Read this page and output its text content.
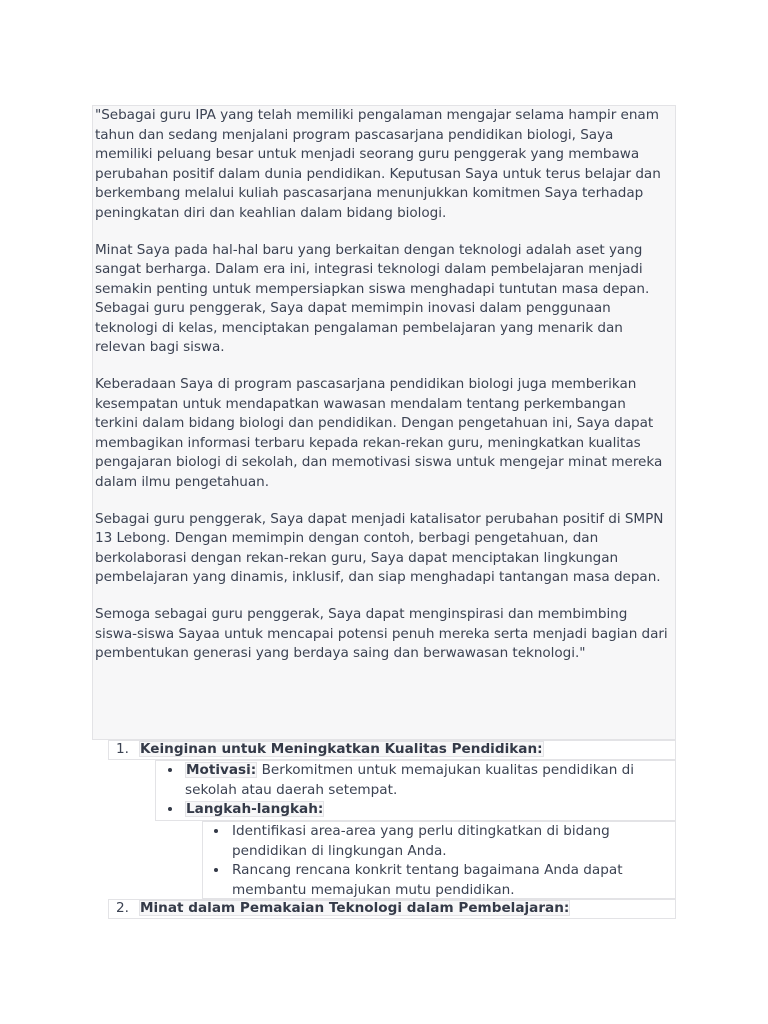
"Sebagai guru IPA yang telah memiliki pengalaman mengajar selama hampir enam tahun dan sedang menjalani program pascasarjana pendidikan biologi, Saya memiliki peluang besar untuk menjadi seorang guru penggerak yang membawa perubahan positif dalam dunia pendidikan. Keputusan Saya untuk terus belajar dan berkembang melalui kuliah pascasarjana menunjukkan komitmen Saya terhadap peningkatan diri dan keahlian dalam bidang biologi.

Minat Saya pada hal-hal baru yang berkaitan dengan teknologi adalah aset yang sangat berharga. Dalam era ini, integrasi teknologi dalam pembelajaran menjadi semakin penting untuk mempersiapkan siswa menghadapi tuntutan masa depan. Sebagai guru penggerak, Saya dapat memimpin inovasi dalam penggunaan teknologi di kelas, menciptakan pengalaman pembelajaran yang menarik dan relevan bagi siswa.

Keberadaan Saya di program pascasarjana pendidikan biologi juga memberikan kesempatan untuk mendapatkan wawasan mendalam tentang perkembangan terkini dalam bidang biologi dan pendidikan. Dengan pengetahuan ini, Saya dapat membagikan informasi terbaru kepada rekan-rekan guru, meningkatkan kualitas pengajaran biologi di sekolah, dan memotivasi siswa untuk mengejar minat mereka dalam ilmu pengetahuan.

Sebagai guru penggerak, Saya dapat menjadi katalisator perubahan positif di SMPN 13 Lebong. Dengan memimpin dengan contoh, berbagi pengetahuan, dan berkolaborasi dengan rekan-rekan guru, Saya dapat menciptakan lingkungan pembelajaran yang dinamis, inklusif, dan siap menghadapi tantangan masa depan.

Semoga sebagai guru penggerak, Saya dapat menginspirasi dan membimbing siswa-siswa Sayaa untuk mencapai potensi penuh mereka serta menjadi bagian dari pembentukan generasi yang berdaya saing dan berwawasan teknologi."

1. Keinginan untuk Meningkatkan Kualitas Pendidikan:
Motivasi: Berkomitmen untuk memajukan kualitas pendidikan di sekolah atau daerah setempat.
Langkah-langkah:
Identifikasi area-area yang perlu ditingkatkan di bidang pendidikan di lingkungan Anda.
Rancang rencana konkrit tentang bagaimana Anda dapat membantu memajukan mutu pendidikan.
2. Minat dalam Pemakaian Teknologi dalam Pembelajaran:
